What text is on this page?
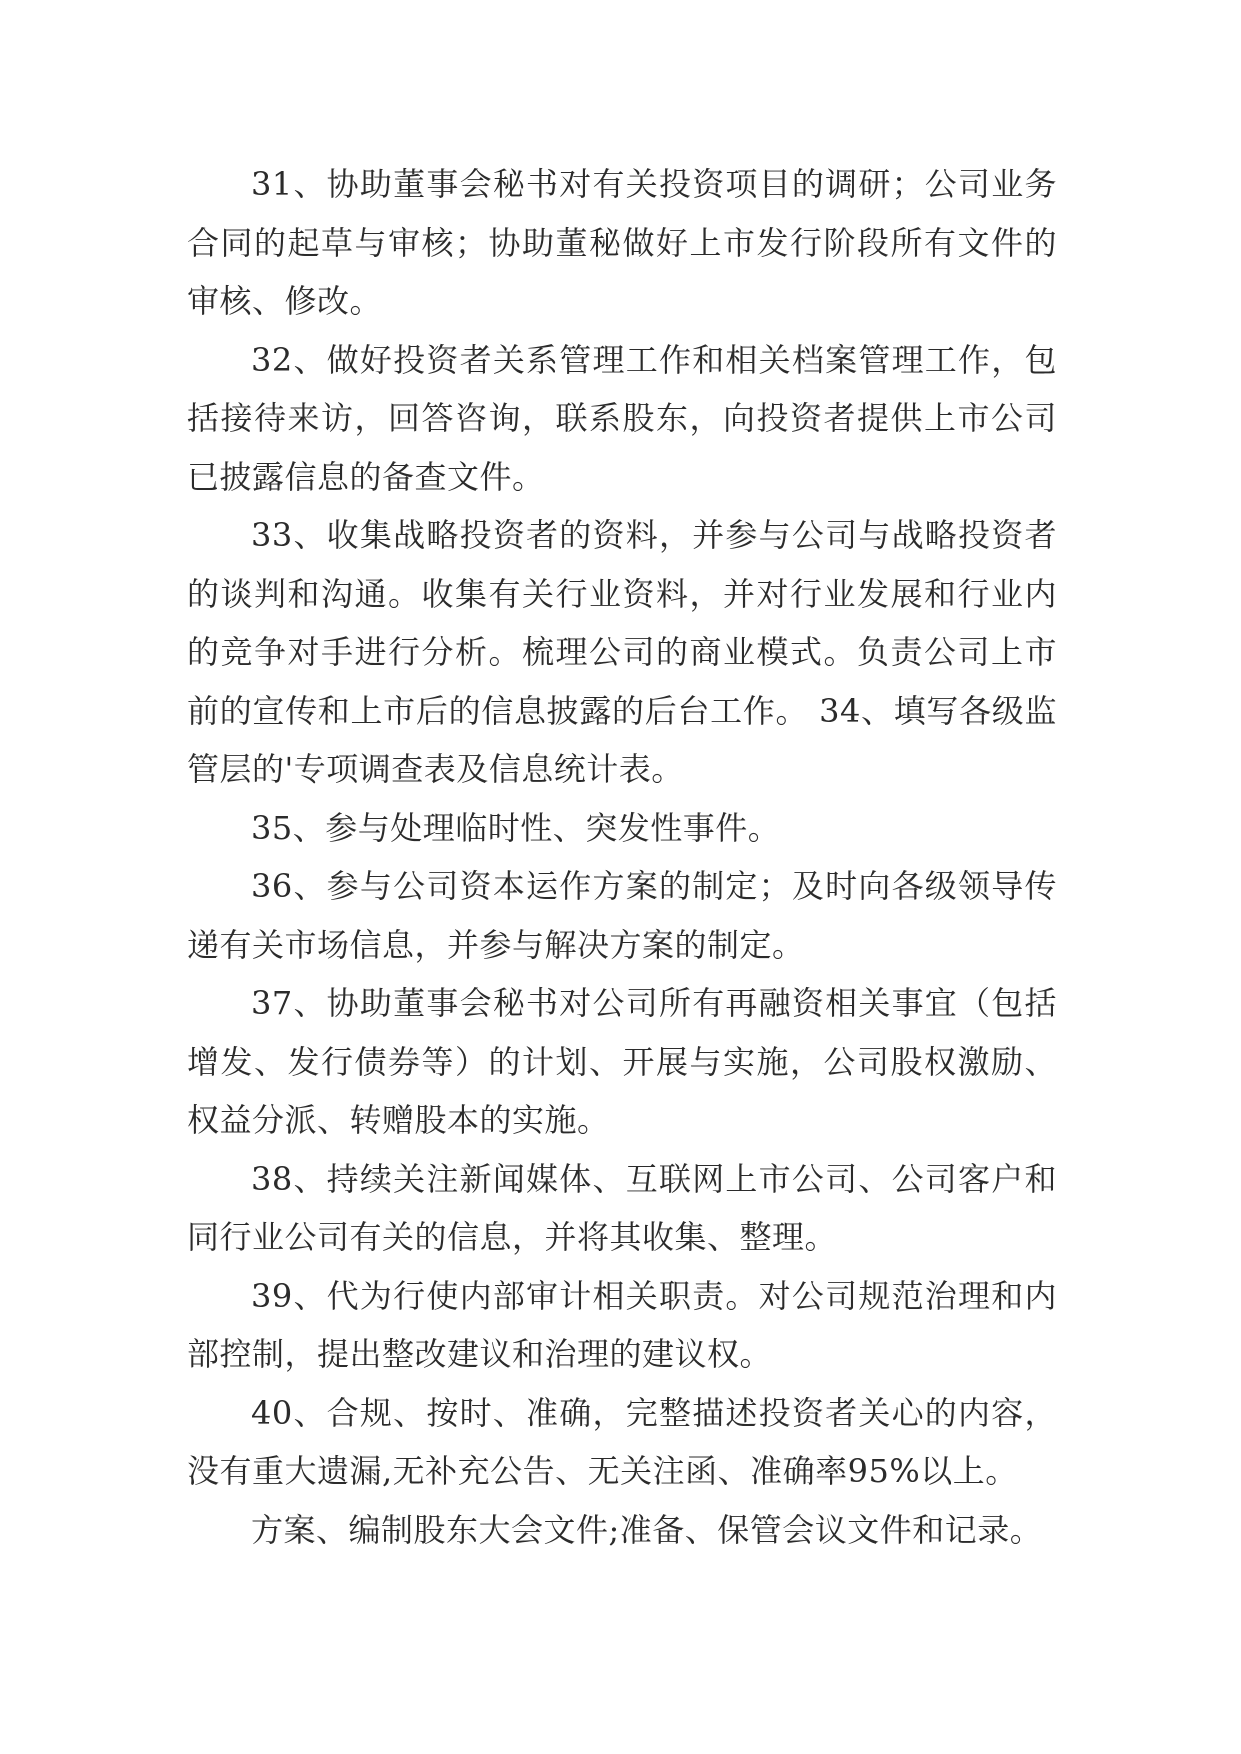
31、协助董事会秘书对有关投资项目的调研；公司业务合同的起草与审核；协助董秘做好上市发行阶段所有文件的审核、修改。

32、做好投资者关系管理工作和相关档案管理工作，包括接待来访，回答咨询，联系股东，向投资者提供上市公司已披露信息的备查文件。

33、收集战略投资者的资料，并参与公司与战略投资者的谈判和沟通。收集有关行业资料，并对行业发展和行业内的竞争对手进行分析。梳理公司的商业模式。负责公司上市前的宣传和上市后的信息披露的后台工作。 34、填写各级监管层的'专项调查表及信息统计表。

35、参与处理临时性、突发性事件。

36、参与公司资本运作方案的制定；及时向各级领导传递有关市场信息，并参与解决方案的制定。

37、协助董事会秘书对公司所有再融资相关事宜（包括增发、发行债券等）的计划、开展与实施，公司股权激励、权益分派、转赠股本的实施。

38、持续关注新闻媒体、互联网上市公司、公司客户和同行业公司有关的信息，并将其收集、整理。

39、代为行使内部审计相关职责。对公司规范治理和内部控制，提出整改建议和治理的建议权。

40、合规、按时、准确，完整描述投资者关心的内容，没有重大遗漏,无补充公告、无关注函、准确率95%以上。

方案、编制股东大会文件;准备、保管会议文件和记录。
